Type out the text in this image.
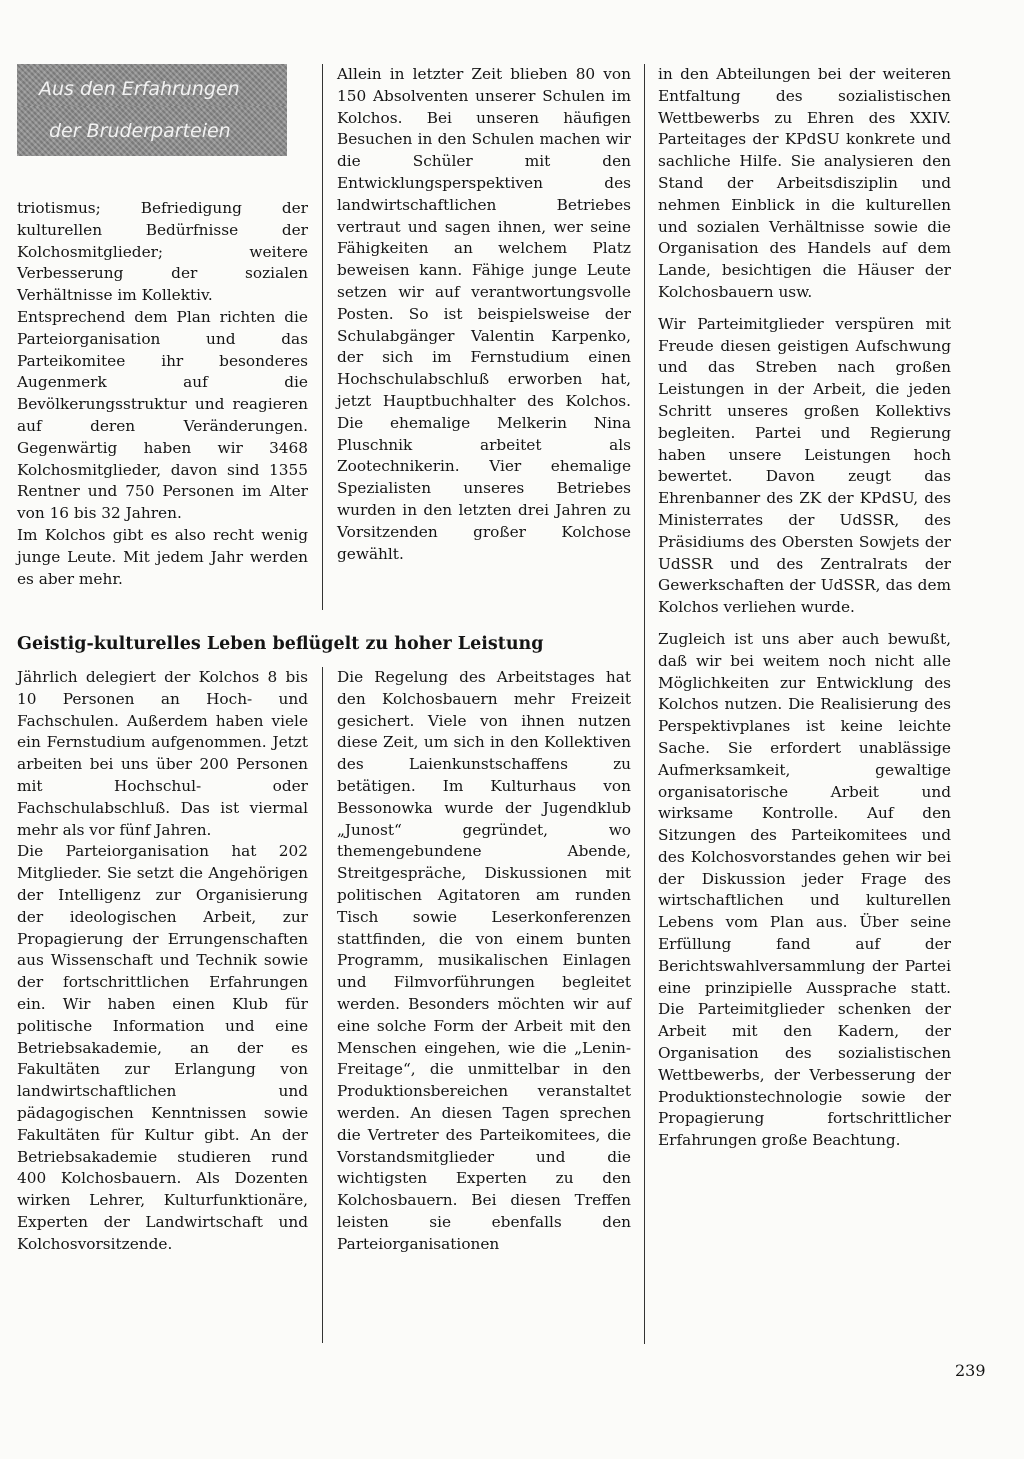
Aus den Erfahrungen
der Bruderparteien

triotismus; Befriedigung der kulturellen Bedürfnisse der Kolchosmitglieder; weitere Verbesserung der sozialen Verhältnisse im Kollektiv.

Entsprechend dem Plan richten die Parteiorganisation und das Parteikomitee ihr besonderes Augenmerk auf die Bevölkerungsstruktur und reagieren auf deren Veränderungen. Gegenwärtig haben wir 3468 Kolchosmitglieder, davon sind 1355 Rentner und 750 Personen im Alter von 16 bis 32 Jahren.

Im Kolchos gibt es also recht wenig junge Leute. Mit jedem Jahr werden es aber mehr.

Allein in letzter Zeit blieben 80 von 150 Absolventen unserer Schulen im Kolchos. Bei unseren häufigen Besuchen in den Schulen machen wir die Schüler mit den Entwicklungsperspektiven des landwirtschaftlichen Betriebes vertraut und sagen ihnen, wer seine Fähigkeiten an welchem Platz beweisen kann. Fähige junge Leute setzen wir auf verantwortungsvolle Posten. So ist beispielsweise der Schulabgänger Valentin Karpenko, der sich im Fernstudium einen Hochschulabschluß erworben hat, jetzt Hauptbuchhalter des Kolchos. Die ehemalige Melkerin Nina Pluschnik arbeitet als Zootechnikerin. Vier ehemalige Spezialisten unseres Betriebes wurden in den letzten drei Jahren zu Vorsitzenden großer Kolchose gewählt.

Geistig-kulturelles Leben beflügelt zu hoher Leistung

Jährlich delegiert der Kolchos 8 bis 10 Personen an Hoch- und Fachschulen. Außerdem haben viele ein Fernstudium aufgenommen. Jetzt arbeiten bei uns über 200 Personen mit Hochschul- oder Fachschulabschluß. Das ist viermal mehr als vor fünf Jahren.

Die Parteiorganisation hat 202 Mitglieder. Sie setzt die Angehörigen der Intelligenz zur Organisierung der ideologischen Arbeit, zur Propagierung der Errungenschaften aus Wissenschaft und Technik sowie der fortschrittlichen Erfahrungen ein. Wir haben einen Klub für politische Information und eine Betriebsakademie, an der es Fakultäten zur Erlangung von landwirtschaftlichen und pädagogischen Kenntnissen sowie Fakultäten für Kultur gibt. An der Betriebsakademie studieren rund 400 Kolchosbauern. Als Dozenten wirken Lehrer, Kulturfunktionäre, Experten der Landwirtschaft und Kolchosvorsitzende.

Die Regelung des Arbeitstages hat den Kolchosbauern mehr Freizeit gesichert. Viele von ihnen nutzen diese Zeit, um sich in den Kollektiven des Laienkunstschaffens zu betätigen. Im Kulturhaus von Bessonowka wurde der Jugendklub „Junost“ gegründet, wo themengebundene Abende, Streitgespräche, Diskussionen mit politischen Agitatoren am runden Tisch sowie Leserkonferenzen stattfinden, die von einem bunten Programm, musikalischen Einlagen und Filmvorführungen begleitet werden. Besonders möchten wir auf eine solche Form der Arbeit mit den Menschen eingehen, wie die „Lenin-Freitage“, die unmittelbar in den Produktionsbereichen veranstaltet werden. An diesen Tagen sprechen die Vertreter des Parteikomitees, die Vorstandsmitglieder und die wichtigsten Experten zu den Kolchosbauern. Bei diesen Treffen leisten sie ebenfalls den Parteiorganisationen

in den Abteilungen bei der weiteren Entfaltung des sozialistischen Wettbewerbs zu Ehren des XXIV. Parteitages der KPdSU konkrete und sachliche Hilfe. Sie analysieren den Stand der Arbeitsdisziplin und nehmen Einblick in die kulturellen und sozialen Verhältnisse sowie die Organisation des Handels auf dem Lande, besichtigen die Häuser der Kolchosbauern usw.

Wir Parteimitglieder verspüren mit Freude diesen geistigen Aufschwung und das Streben nach großen Leistungen in der Arbeit, die jeden Schritt unseres großen Kollektivs begleiten. Partei und Regierung haben unsere Leistungen hoch bewertet. Davon zeugt das Ehrenbanner des ZK der KPdSU, des Ministerrates der UdSSR, des Präsidiums des Obersten Sowjets der UdSSR und des Zentralrats der Gewerkschaften der UdSSR, das dem Kolchos verliehen wurde.

Zugleich ist uns aber auch bewußt, daß wir bei weitem noch nicht alle Möglichkeiten zur Entwicklung des Kolchos nutzen. Die Realisierung des Perspektivplanes ist keine leichte Sache. Sie erfordert unablässige Aufmerksamkeit, gewaltige organisatorische Arbeit und wirksame Kontrolle. Auf den Sitzungen des Parteikomitees und des Kolchosvorstandes gehen wir bei der Diskussion jeder Frage des wirtschaftlichen und kulturellen Lebens vom Plan aus. Über seine Erfüllung fand auf der Berichtswahlversammlung der Partei eine prinzipielle Aussprache statt. Die Parteimitglieder schenken der Arbeit mit den Kadern, der Organisation des sozialistischen Wettbewerbs, der Verbesserung der Produktionstechnologie sowie der Propagierung fortschrittlicher Erfahrungen große Beachtung.

239
